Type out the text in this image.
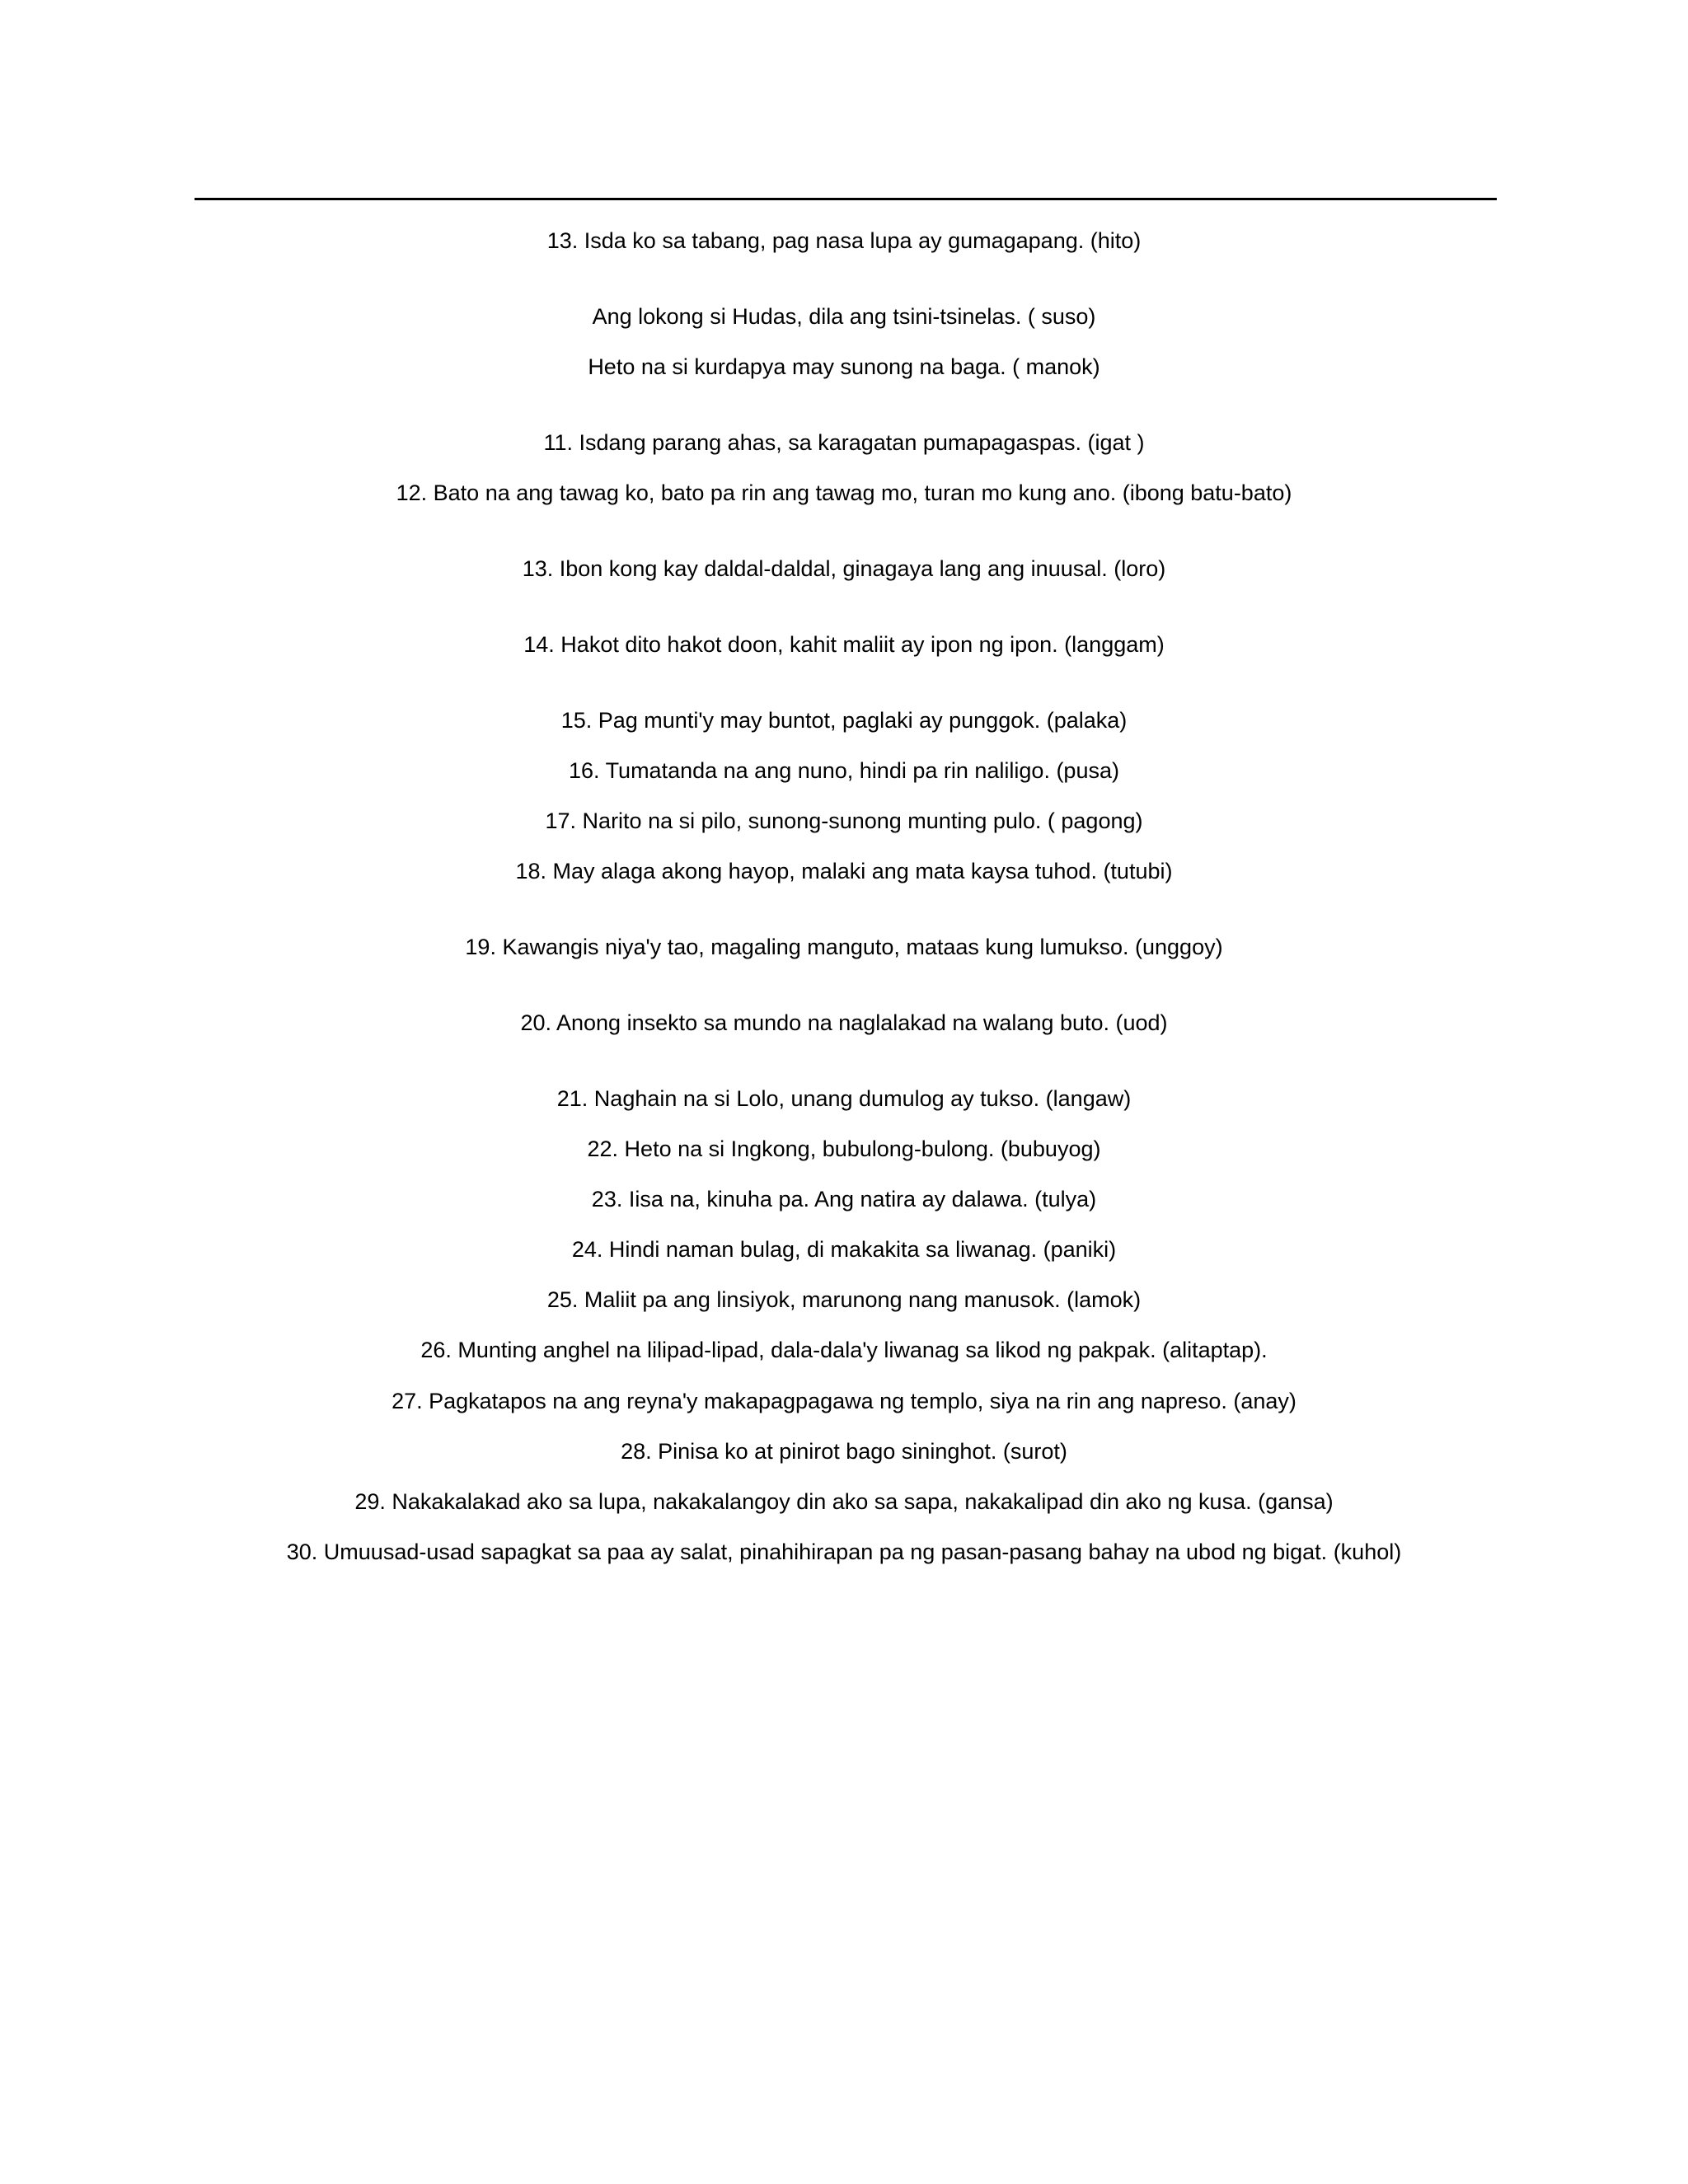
13. Isda ko sa tabang, pag nasa lupa ay gumagapang. (hito)
Ang lokong si Hudas, dila ang tsini-tsinelas. ( suso)
Heto na si kurdapya may sunong na baga. ( manok)
11. Isdang parang ahas, sa karagatan pumapagaspas. (igat )
12. Bato na ang tawag ko, bato pa rin ang tawag mo, turan mo kung ano. (ibong batu-bato)
13. Ibon kong kay daldal-daldal, ginagaya lang ang inuusal. (loro)
14. Hakot dito hakot doon, kahit maliit ay ipon ng ipon. (langgam)
15. Pag munti'y may buntot, paglaki ay punggok. (palaka)
16. Tumatanda na ang nuno, hindi pa rin naliligo. (pusa)
17. Narito na si pilo, sunong-sunong munting pulo. ( pagong)
18. May alaga akong hayop, malaki ang mata kaysa tuhod. (tutubi)
19. Kawangis niya'y tao, magaling manguto, mataas kung lumukso. (unggoy)
20. Anong insekto sa mundo na naglalakad na walang buto. (uod)
21. Naghain na si Lolo, unang dumulog ay tukso. (langaw)
22. Heto na si Ingkong, bubulong-bulong. (bubuyog)
23. Iisa na, kinuha pa. Ang natira ay dalawa. (tulya)
24. Hindi naman bulag, di makakita sa liwanag. (paniki)
25. Maliit pa ang linsiyok, marunong nang manusok. (lamok)
26. Munting anghel na lilipad-lipad, dala-dala'y liwanag sa likod ng pakpak. (alitaptap).
27. Pagkatapos na ang reyna'y makapagpagawa ng templo, siya na rin ang napreso. (anay)
28. Pinisa ko at pinirot bago sininghot. (surot)
29. Nakakalakad ako sa lupa, nakakalangoy din ako sa sapa, nakakalipad din ako ng kusa. (gansa)
30. Umuusad-usad sapagkat sa paa ay salat, pinahihirapan pa ng pasan-pasang bahay na ubod ng bigat. (kuhol)
